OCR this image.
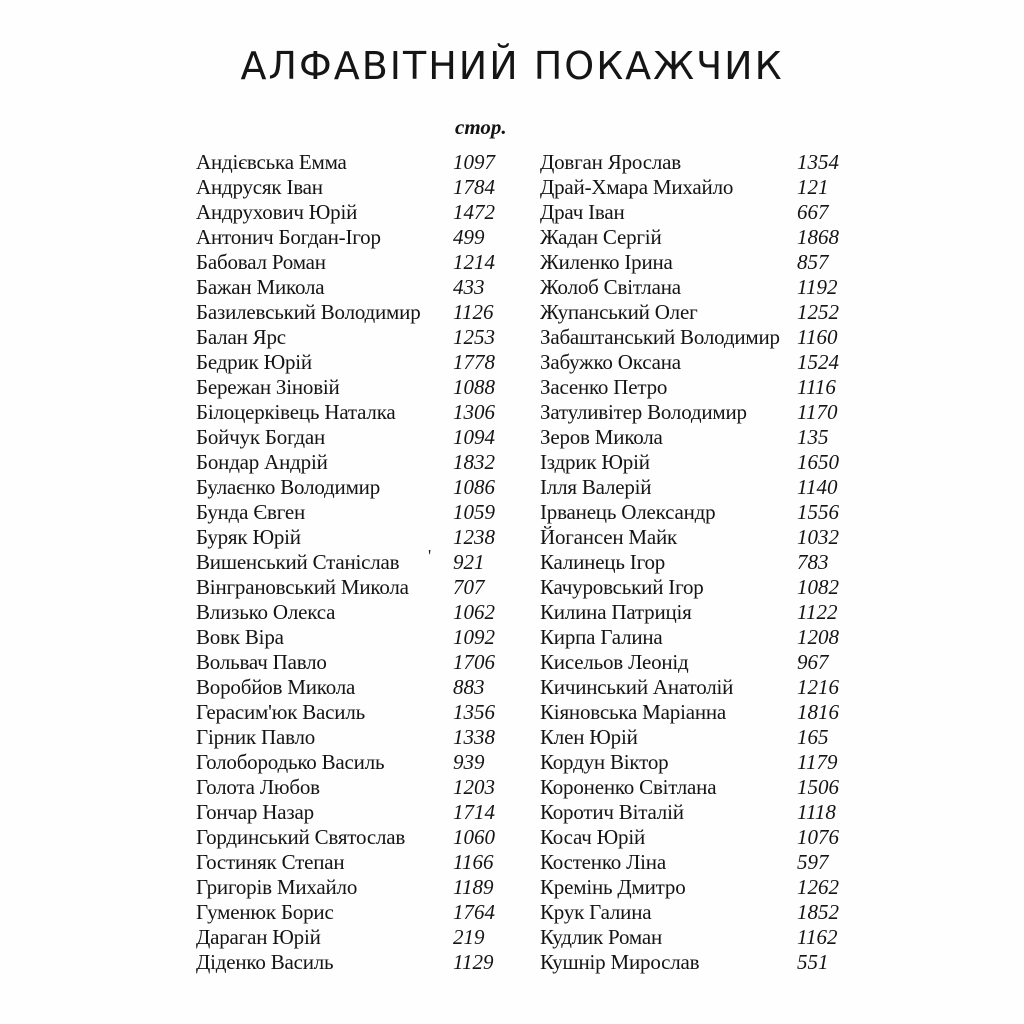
АЛФАВІТНИЙ ПОКАЖЧИК
стор.
Андієвська Емма	1097
Андрусяк Іван	1784
Андрухович Юрій	1472
Антонич Богдан-Ігор	499
Бабовал Роман	1214
Бажан Микола	433
Базилевський Володимир 1126
Балан Ярс	1253
Бедрик Юрій	1778
Бережан Зіновій	1088
Білоцерківець Наталка	1306
Бойчук Богдан	1094
Бондар Андрій	1832
Булаєнко Володимир	1086
Бунда Євген	1059
Буряк Юрій	1238
Вишенський Станіслав ' 921
Вінграновський Микола 707
Влизько Олекса	1062
Вовк Віра	1092
Вольвач Павло	1706
Воробйов Микола	883
Герасим'юк Василь	1356
Гірник Павло	1338
Голобородько Василь	939
Голота Любов	1203
Гончар Назар	1714
Гординський Святослав 1060
Гостиняк Степан	1166
Григорів Михайло	1189
Гуменюк Борис	1764
Дараган Юрій	219
Діденко Василь	1129
Довган Ярослав	1354
Драй-Хмара Михайло	121
Драч Іван	667
Жадан Сергій	1868
Жиленко Ірина	857
Жолоб Світлана	1192
Жупанський Олег	1252
Забаштанський Володимир 1160
Забужко Оксана	1524
Засенко Петро	1116
Затуливітер Володимир 1170
Зеров Микола	135
Іздрик Юрій	1650
Ілля Валерій	1140
Ірванець Олександр	1556
Йогансен Майк	1032
Калинець Ігор	783
Качуровський Ігор	1082
Килина Патриція	1122
Кирпа Галина	1208
Кисельов Леонід	967
Кичинський Анатолій	1216
Кіяновська Маріанна	1816
Клен Юрій	165
Кордун Віктор	1179
Короненко Світлана	1506
Коротич Віталій	1118
Косач Юрій	1076
Костенко Ліна	597
Кремінь Дмитро	1262
Крук Галина	1852
Кудлик Роман	1162
Кушнір Мирослав	551
